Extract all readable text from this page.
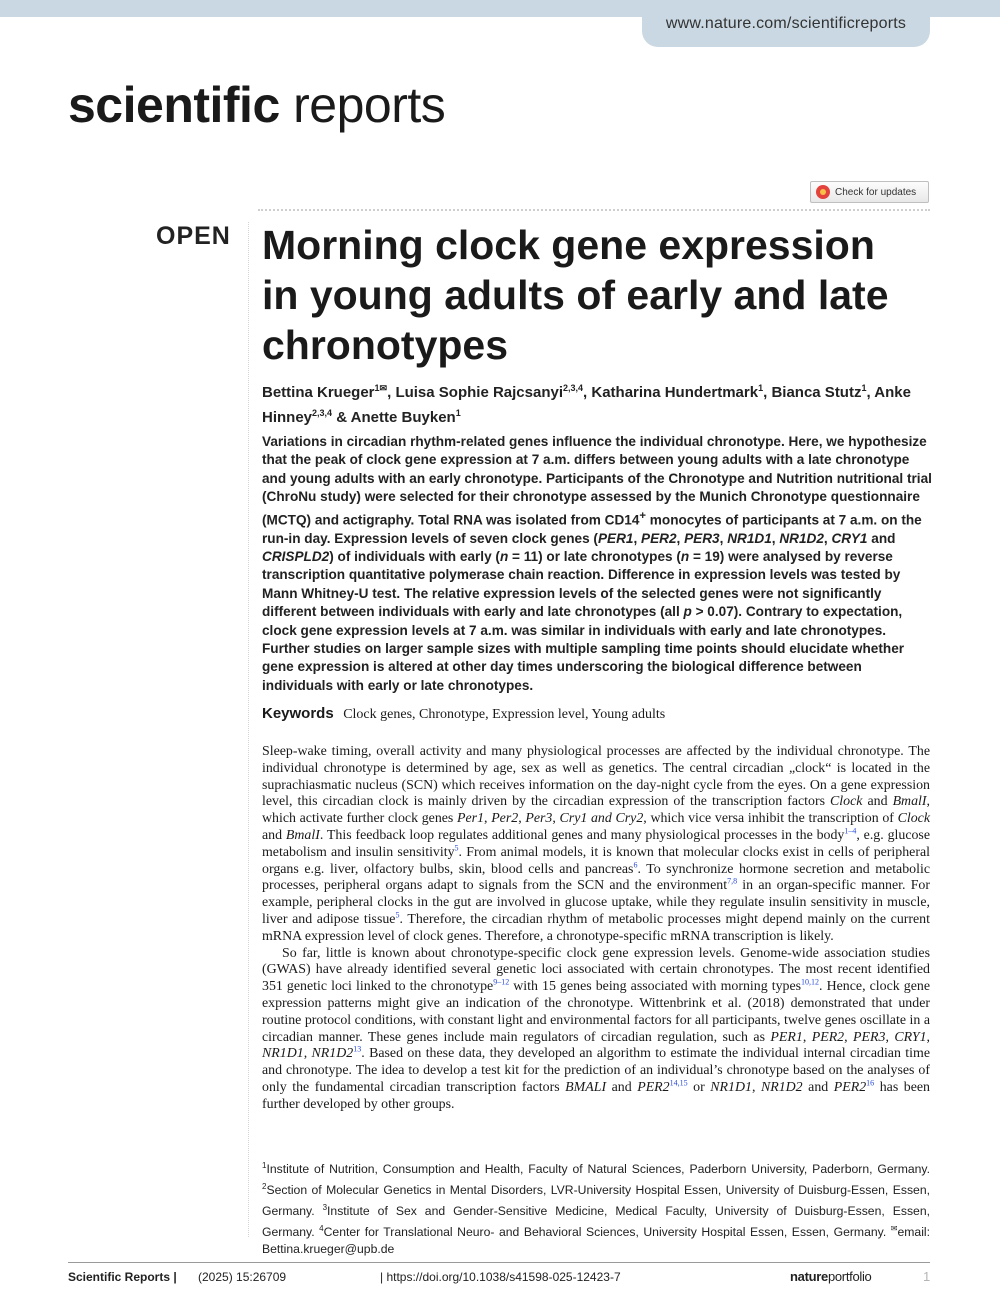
www.nature.com/scientificreports
scientific reports
Check for updates
OPEN Morning clock gene expression
in young adults of early and late
chronotypes
Bettina Krueger$^{1✉}$, Luisa Sophie Rajcsanyi$^{2,3,4}$, Katharina Hundertmark$^1$, Bianca Stutz$^1$, Anke Hinney$^{2,3,4}$ & Anette Buyken$^1$

Variations in circadian rhythm-related genes influence the individual chronotype. Here, we hypothesize that the peak of clock gene expression at 7 a.m. differs between young adults with a late chronotype and young adults with an early chronotype. Participants of the Chronotype and Nutrition nutritional trial (ChroNu study) were selected for their chronotype assessed by the Munich Chronotype questionnaire (MCTQ) and actigraphy. Total RNA was isolated from CD14+ monocytes of participants at 7 a.m. on the run-in day. Expression levels of seven clock genes (PER1, PER2, PER3, NR1D1, NR1D2, CRY1 and CRISPLD2) of individuals with early (n = 11) or late chronotypes (n = 19) were analysed by reverse transcription quantitative polymerase chain reaction. Difference in expression levels was tested by Mann Whitney-U test. The relative expression levels of the selected genes were not significantly different between individuals with early and late chronotypes (all p > 0.07). Contrary to expectation, clock gene expression levels at 7 a.m. was similar in individuals with early and late chronotypes. Further studies on larger sample sizes with multiple sampling time points should elucidate whether gene expression is altered at other day times underscoring the biological difference between individuals with early or late chronotypes.

Keywords Clock genes, Chronotype, Expression level, Young adults

Sleep-wake timing, overall activity and many physiological processes are affected by the individual chronotype. The individual chronotype is determined by age, sex as well as genetics. The central circadian „clock“ is located in the suprachiasmatic nucleus (SCN) which receives information on the day-night cycle from the eyes. On a gene expression level, this circadian clock is mainly driven by the circadian expression of the transcription factors Clock and BmalI, which activate further clock genes Per1, Per2, Per3, Cry1 and Cry2, which vice versa inhibit the transcription of Clock and BmalI. This feedback loop regulates additional genes and many physiological processes in the body$^{1-4}$, e.g. glucose metabolism and insulin sensitivity$^5$. From animal models, it is known that molecular clocks exist in cells of peripheral organs e.g. liver, olfactory bulbs, skin, blood cells and pancreas$^6$. To synchronize hormone secretion and metabolic processes, peripheral organs adapt to signals from the SCN and the environment$^{7,8}$ in an organ-specific manner. For example, peripheral clocks in the gut are involved in glucose uptake, while they regulate insulin sensitivity in muscle, liver and adipose tissue$^5$. Therefore, the circadian rhythm of metabolic processes might depend mainly on the current mRNA expression level of clock genes. Therefore, a chronotype-specific mRNA transcription is likely.

So far, little is known about chronotype-specific clock gene expression levels. Genome-wide association studies (GWAS) have already identified several genetic loci associated with certain chronotypes. The most recent identified 351 genetic loci linked to the chronotype$^{9-12}$ with 15 genes being associated with morning types$^{10,12}$. Hence, clock gene expression patterns might give an indication of the chronotype. Wittenbrink et al. (2018) demonstrated that under routine protocol conditions, with constant light and environmental factors for all participants, twelve genes oscillate in a circadian manner. These genes include main regulators of circadian regulation, such as PER1, PER2, PER3, CRY1, NR1D1, $NR1D2^{13}$. Based on these data, they developed an algorithm to estimate the individual internal circadian time and chronotype. The idea to develop a test kit for the prediction of an individual’s chronotype based on the analyses of only the fundamental circadian transcription factors BMALI and PER2$^{14,15}$ or NR1D1, NR1D2 and $PER2^{16}$ has been further developed by other groups.

$^1$Institute of Nutrition, Consumption and Health, Faculty of Natural Sciences, Paderborn University, Paderborn, Germany. $^2$Section of Molecular Genetics in Mental Disorders, LVR-University Hospital Essen, University of Duisburg-Essen, Essen, Germany. $^3$Institute of Sex and Gender-Sensitive Medicine, Medical Faculty, University of Duisburg-Essen, Essen, Germany. $^4$Center for Translational Neuro- and Behavioral Sciences, University Hospital Essen, Essen, Germany. ✉email: Bettina.krueger@upb.de

Scientific Reports | (2025) 15:26709	| https://doi.org/10.1038/s41598-025-12423-7	natureportfolio	1
